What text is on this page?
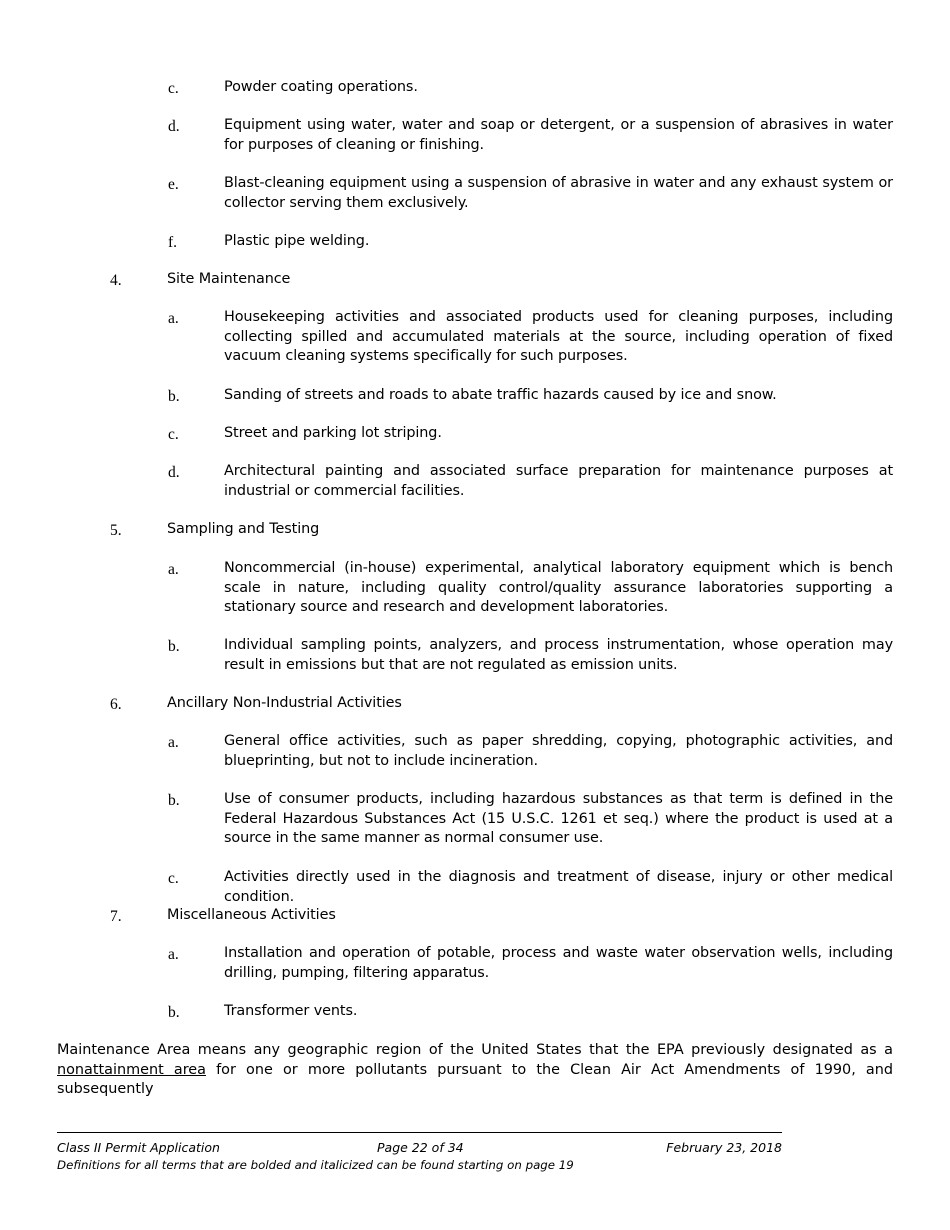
c.	Powder coating operations.
d.	Equipment using water, water and soap or detergent, or a suspension of abrasives in water for purposes of cleaning or finishing.
e.	Blast-cleaning equipment using a suspension of abrasive in water and any exhaust system or collector serving them exclusively.
f.	Plastic pipe welding.
4.	Site Maintenance
a.	Housekeeping activities and associated products used for cleaning purposes, including collecting spilled and accumulated materials at the source, including operation of fixed vacuum cleaning systems specifically for such purposes.
b.	Sanding of streets and roads to abate traffic hazards caused by ice and snow.
c.	Street and parking lot striping.
d.	Architectural painting and associated surface preparation for maintenance purposes at industrial or commercial facilities.
5.	Sampling and Testing
a.	Noncommercial (in-house) experimental, analytical laboratory equipment which is bench scale in nature, including quality control/quality assurance laboratories supporting a stationary source and research and development laboratories.
b.	Individual sampling points, analyzers, and process instrumentation, whose operation may result in emissions but that are not regulated as emission units.
6.	Ancillary Non-Industrial Activities
a.	General office activities, such as paper shredding, copying, photographic activities, and blueprinting, but not to include incineration.
b.	Use of consumer products, including hazardous substances as that term is defined in the Federal Hazardous Substances Act (15 U.S.C. 1261 et seq.) where the product is used at a source in the same manner as normal consumer use.
c.	Activities directly used in the diagnosis and treatment of disease, injury or other medical condition.
7.	Miscellaneous Activities
a.	Installation and operation of potable, process and waste water observation wells, including drilling, pumping, filtering apparatus.
b.	Transformer vents.
Maintenance Area means any geographic region of the United States that the EPA previously designated as a nonattainment area for one or more pollutants pursuant to the Clean Air Act Amendments of 1990, and subsequently
Class II Permit Application	Page 22 of 34	February 23, 2018
Definitions for all terms that are bolded and italicized can be found starting on page 19
